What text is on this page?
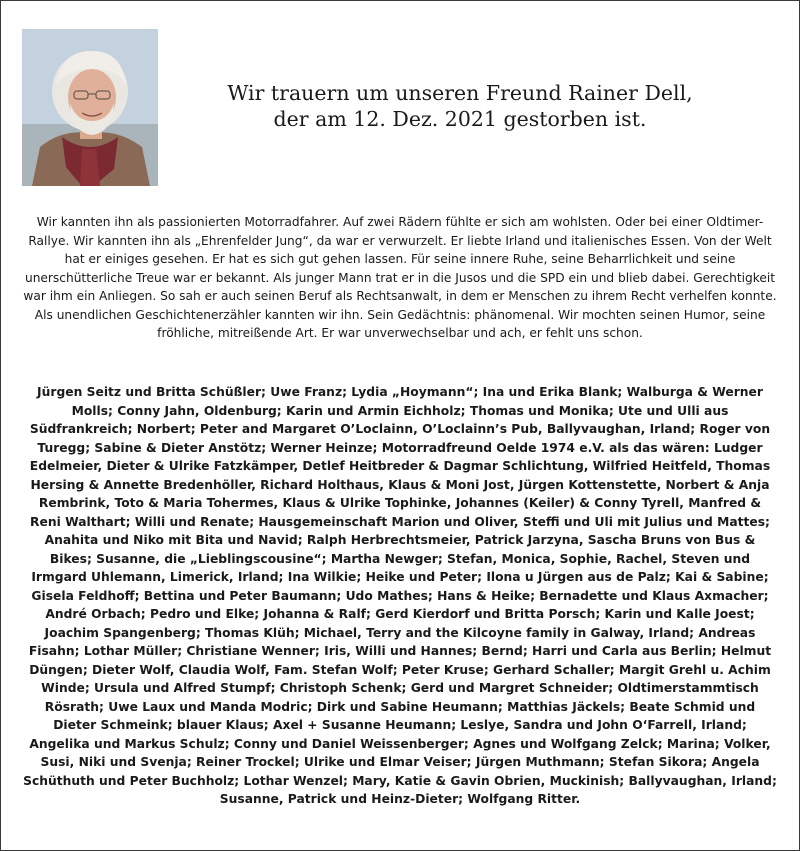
Wir trauern um unseren Freund Rainer Dell,
der am 12. Dez. 2021 gestorben ist.
Wir kannten ihn als passionierten Motorradfahrer. Auf zwei Rädern fühlte er sich am wohlsten. Oder bei einer Oldtimer-Rallye. Wir kannten ihn als „Ehrenfelder Jung“, da war er verwurzelt. Er liebte Irland und italienisches Essen. Von der Welt hat er einiges gesehen. Er hat es sich gut gehen lassen. Für seine innere Ruhe, seine Beharrlichkeit und seine unerschütterliche Treue war er bekannt. Als junger Mann trat er in die Jusos und die SPD ein und blieb dabei. Gerechtigkeit war ihm ein Anliegen. So sah er auch seinen Beruf als Rechtsanwalt, in dem er Menschen zu ihrem Recht verhelfen konnte. Als unendlichen Geschichtenerzähler kannten wir ihn. Sein Gedächtnis: phänomenal. Wir mochten seinen Humor, seine fröhliche, mitreißende Art. Er war unverwechselbar und ach, er fehlt uns schon.
Jürgen Seitz und Britta Schüßler; Uwe Franz; Lydia „Hoymann“; Ina und Erika Blank; Walburga & Werner Molls; Conny Jahn, Oldenburg; Karin und Armin Eichholz; Thomas und Monika; Ute und Ulli aus Südfrankreich; Norbert; Peter and Margaret O’Loclainn, O’Loclainn’s Pub, Ballyvaughan, Irland; Roger von Turegg; Sabine & Dieter Anstötz; Werner Heinze; Motorradfreund Oelde 1974 e.V. als das wären: Ludger Edelmeier, Dieter & Ulrike Fatzkämper, Detlef Heitbreder & Dagmar Schlichtung, Wilfried Heitfeld, Thomas Hersing & Annette Bredenhöller, Richard Holthaus, Klaus & Moni Jost, Jürgen Kottenstette, Norbert & Anja Rembrink, Toto & Maria Tohermes, Klaus & Ulrike Tophinke, Johannes (Keiler) & Conny Tyrell, Manfred & Reni Walthart; Willi und Renate; Hausgemeinschaft Marion und Oliver, Steffi und Uli mit Julius und Mattes; Anahita und Niko mit Bita und Navid; Ralph Herbrechtsmeier, Patrick Jarzyna, Sascha Bruns von Bus & Bikes; Susanne, die „Lieblingscousine“; Martha Newger; Stefan, Monica, Sophie, Rachel, Steven und Irmgard Uhlemann, Limerick, Irland; Ina Wilkie; Heike und Peter; Ilona u Jürgen aus de Palz; Kai & Sabine; Gisela Feldhoff; Bettina und Peter Baumann; Udo Mathes; Hans & Heike; Bernadette und Klaus Axmacher; André Orbach; Pedro und Elke; Johanna & Ralf; Gerd Kierdorf und Britta Porsch; Karin und Kalle Joest; Joachim Spangenberg; Thomas Klüh; Michael, Terry and the Kilcoyne family in Galway, Irland; Andreas Fisahn; Lothar Müller; Christiane Wenner; Iris, Willi und Hannes; Bernd; Harri und Carla aus Berlin; Helmut Düngen; Dieter Wolf, Claudia Wolf, Fam. Stefan Wolf; Peter Kruse; Gerhard Schaller; Margit Grehl u. Achim Winde; Ursula und Alfred Stumpf; Christoph Schenk; Gerd und Margret Schneider; Oldtimerstammtisch Rösrath; Uwe Laux und Manda Modric; Dirk und Sabine Heumann; Matthias Jäckels; Beate Schmid und Dieter Schmeink; blauer Klaus; Axel + Susanne Heumann; Leslye, Sandra und John O‘Farrell, Irland; Angelika und Markus Schulz; Conny und Daniel Weissenberger; Agnes und Wolfgang Zelck; Marina; Volker, Susi, Niki und Svenja; Reiner Trockel; Ulrike und Elmar Veiser; Jürgen Muthmann; Stefan Sikora; Angela Schüthuth und Peter Buchholz; Lothar Wenzel; Mary, Katie & Gavin Obrien, Muckinish; Ballyvaughan, Irland; Susanne, Patrick und Heinz-Dieter; Wolfgang Ritter.
